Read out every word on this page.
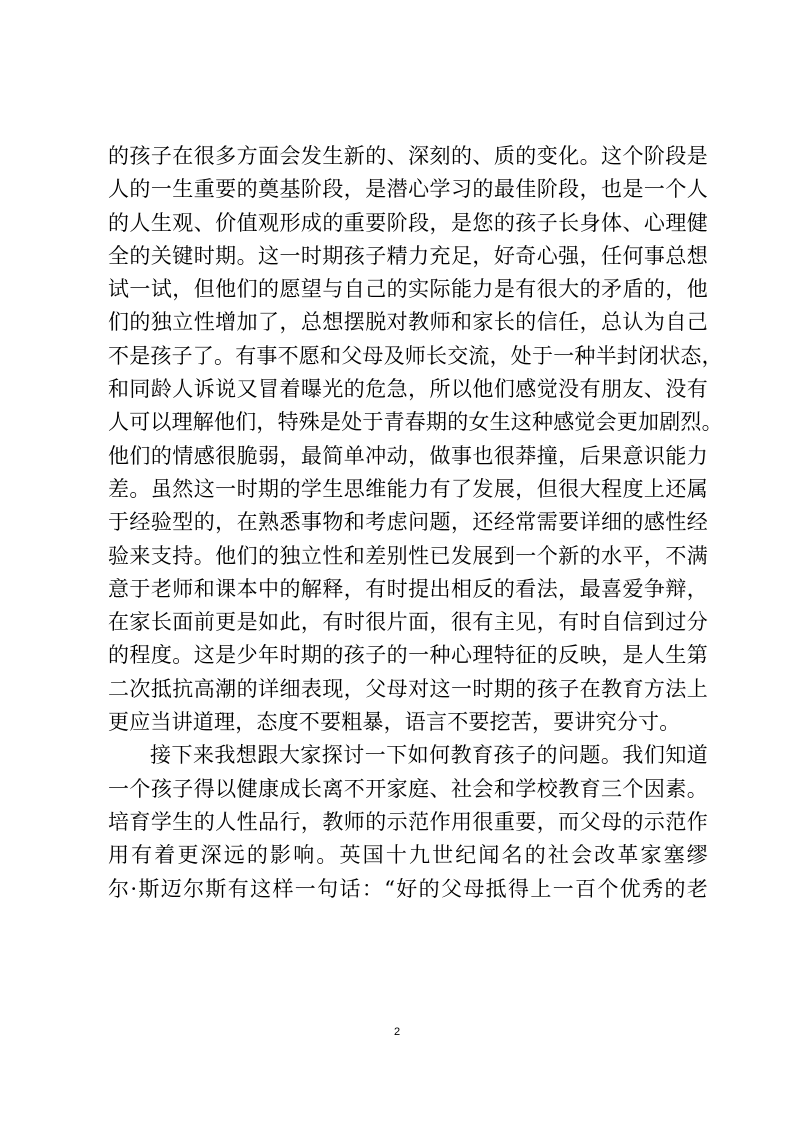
的孩子在很多方面会发生新的、深刻的、质的变化。这个阶段是
人的一生重要的奠基阶段，是潜心学习的最佳阶段，也是一个人
的人生观、价值观形成的重要阶段，是您的孩子长身体、心理健
全的关键时期。这一时期孩子精力充足，好奇心强，任何事总想
试一试，但他们的愿望与自己的实际能力是有很大的矛盾的，他
们的独立性增加了，总想摆脱对教师和家长的信任，总认为自己
不是孩子了。有事不愿和父母及师长交流，处于一种半封闭状态，
和同龄人诉说又冒着曝光的危急，所以他们感觉没有朋友、没有
人可以理解他们，特殊是处于青春期的女生这种感觉会更加剧烈。
他们的情感很脆弱，最简单冲动，做事也很莽撞，后果意识能力
差。虽然这一时期的学生思维能力有了发展，但很大程度上还属
于经验型的，在熟悉事物和考虑问题，还经常需要详细的感性经
验来支持。他们的独立性和差别性已发展到一个新的水平，不满
意于老师和课本中的解释，有时提出相反的看法，最喜爱争辩，
在家长面前更是如此，有时很片面，很有主见，有时自信到过分
的程度。这是少年时期的孩子的一种心理特征的反映，是人生第
二次抵抗高潮的详细表现，父母对这一时期的孩子在教育方法上
更应当讲道理，态度不要粗暴，语言不要挖苦，要讲究分寸。
接下来我想跟大家探讨一下如何教育孩子的问题。我们知道
一个孩子得以健康成长离不开家庭、社会和学校教育三个因素。
培育学生的人性品行，教师的示范作用很重要，而父母的示范作
用有着更深远的影响。英国十九世纪闻名的社会改革家塞缪
尔·斯迈尔斯有这样一句话：“好的父母抵得上一百个优秀的老
2
